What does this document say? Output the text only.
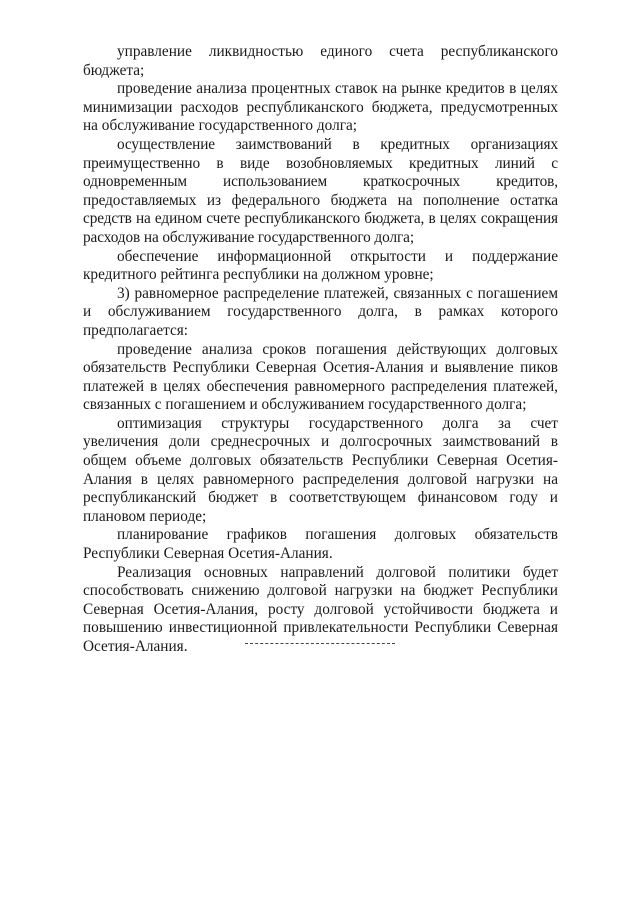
управление ликвидностью единого счета республиканского бюджета;

проведение анализа процентных ставок на рынке кредитов в целях минимизации расходов республиканского бюджета, предусмотренных на обслуживание государственного долга;

осуществление заимствований в кредитных организациях преимущественно в виде возобновляемых кредитных линий с одновременным использованием краткосрочных кредитов, предоставляемых из федерального бюджета на пополнение остатка средств на едином счете республиканского бюджета, в целях сокращения расходов на обслуживание государственного долга;

обеспечение информационной открытости и поддержание кредитного рейтинга республики на должном уровне;

3) равномерное распределение платежей, связанных с погашением и обслуживанием государственного долга, в рамках которого предполагается:

проведение анализа сроков погашения действующих долговых обязательств Республики Северная Осетия-Алания и выявление пиков платежей в целях обеспечения равномерного распределения платежей, связанных с погашением и обслуживанием государственного долга;

оптимизация структуры государственного долга за счет увеличения доли среднесрочных и долгосрочных заимствований в общем объеме долговых обязательств Республики Северная Осетия-Алания в целях равномерного распределения долговой нагрузки на республиканский бюджет в соответствующем финансовом году и плановом периоде;

планирование графиков погашения долговых обязательств Республики Северная Осетия-Алания.

Реализация основных направлений долговой политики будет способствовать снижению долговой нагрузки на бюджет Республики Северная Осетия-Алания, росту долговой устойчивости бюджета и повышению инвестиционной привлекательности Республики Северная Осетия-Алания.
